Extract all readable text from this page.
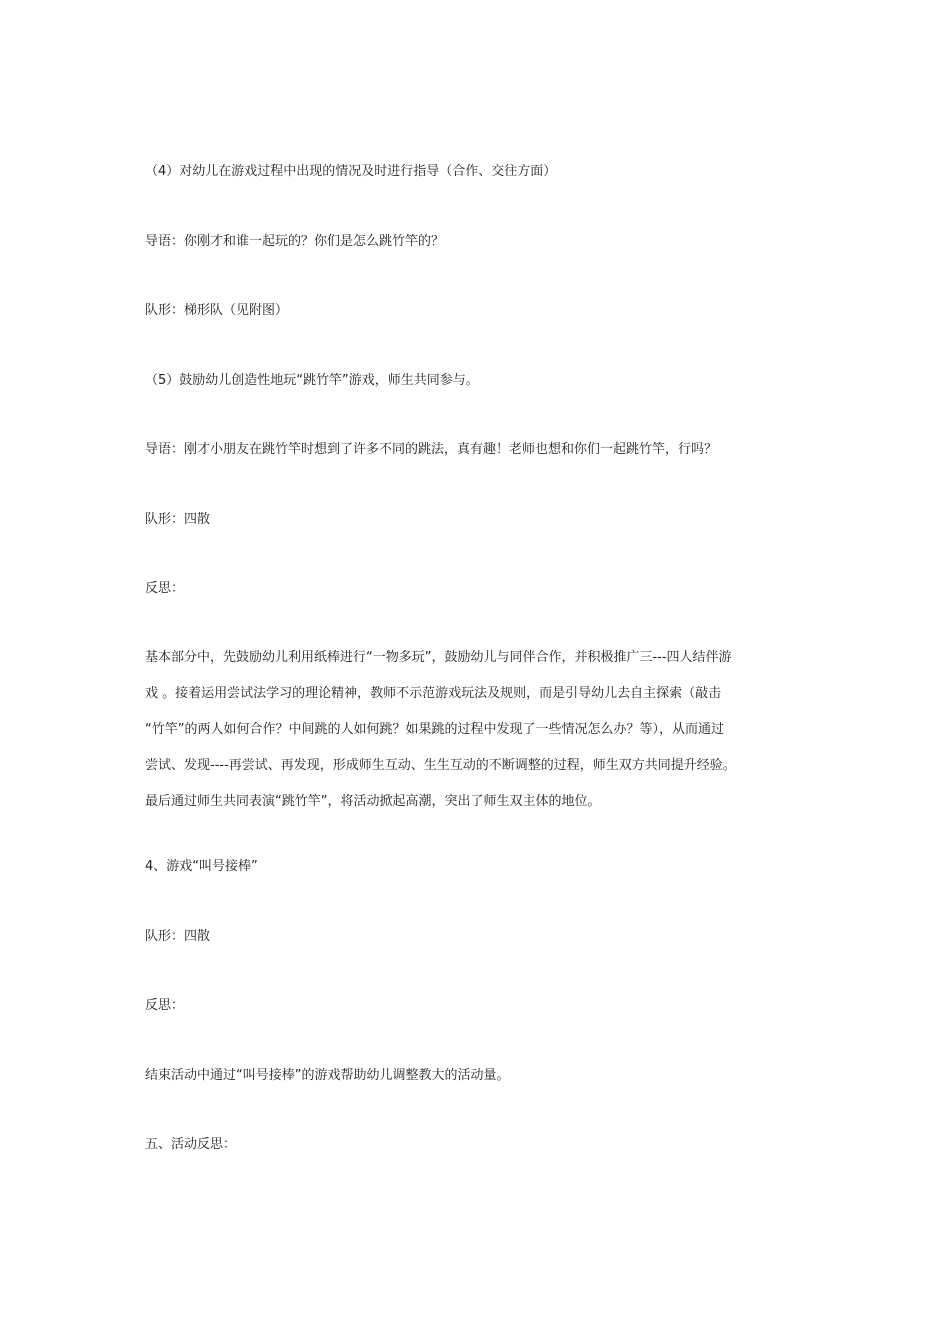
（4）对幼儿在游戏过程中出现的情况及时进行指导（合作、交往方面）

导语：你刚才和谁一起玩的？你们是怎么跳竹竿的？

队形：梯形队（见附图）

（5）鼓励幼儿创造性地玩“跳竹竿”游戏，师生共同参与。

导语：刚才小朋友在跳竹竿时想到了许多不同的跳法，真有趣！老师也想和你们一起跳竹竿，行吗？

队形：四散

反思：

基本部分中，先鼓励幼儿利用纸棒进行“一物多玩”，鼓励幼儿与同伴合作，并积极推广三---四人结伴游
戏 。接着运用尝试法学习的理论精神，教师不示范游戏玩法及规则，而是引导幼儿去自主探索（敲击
“竹竿”的两人如何合作？中间跳的人如何跳？如果跳的过程中发现了一些情况怎么办？等），从而通过
尝试、发现----再尝试、再发现，形成师生互动、生生互动的不断调整的过程，师生双方共同提升经验。
最后通过师生共同表演“跳竹竿”，将活动掀起高潮，突出了师生双主体的地位。

4、游戏“叫号接棒”

队形：四散

反思：

结束活动中通过“叫号接棒”的游戏帮助幼儿调整教大的活动量。

五、活动反思：
